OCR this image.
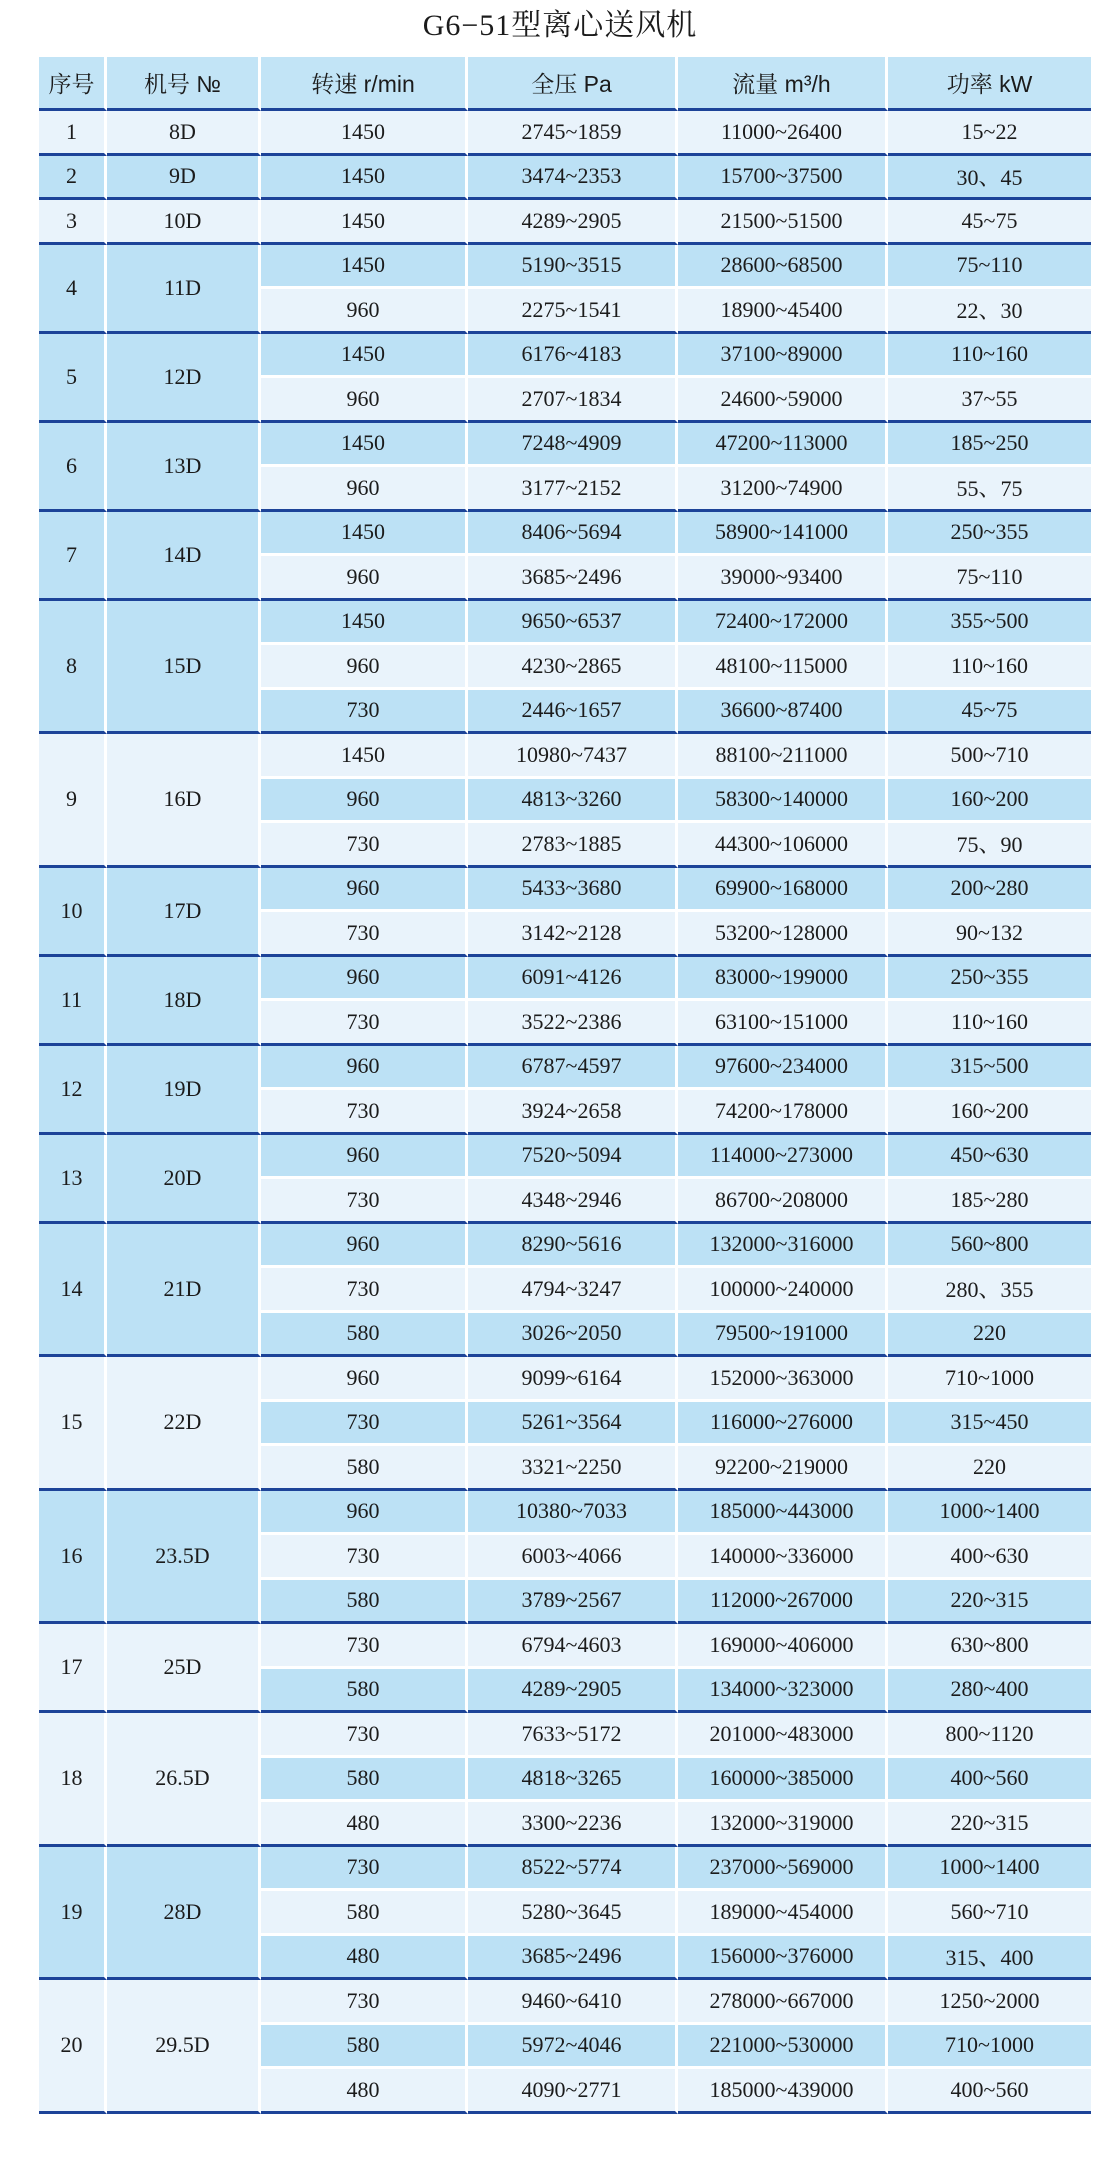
G6−51型离心送风机
序号	机号 №	转速 r/min	全压 Pa	流量 m³/h	功率 kW
1	8D	1450	2745~1859	11000~26400	15~22
2	9D	1450	3474~2353	15700~37500	30、45
3	10D	1450	4289~2905	21500~51500	45~75
4	11D	1450	5190~3515	28600~68500	75~110
		960	2275~1541	18900~45400	22、30
5	12D	1450	6176~4183	37100~89000	110~160
		960	2707~1834	24600~59000	37~55
6	13D	1450	7248~4909	47200~113000	185~250
		960	3177~2152	31200~74900	55、75
7	14D	1450	8406~5694	58900~141000	250~355
		960	3685~2496	39000~93400	75~110
8	15D	1450	9650~6537	72400~172000	355~500
		960	4230~2865	48100~115000	110~160
		730	2446~1657	36600~87400	45~75
9	16D	1450	10980~7437	88100~211000	500~710
		960	4813~3260	58300~140000	160~200
		730	2783~1885	44300~106000	75、90
10	17D	960	5433~3680	69900~168000	200~280
		730	3142~2128	53200~128000	90~132
11	18D	960	6091~4126	83000~199000	250~355
		730	3522~2386	63100~151000	110~160
12	19D	960	6787~4597	97600~234000	315~500
		730	3924~2658	74200~178000	160~200
13	20D	960	7520~5094	114000~273000	450~630
		730	4348~2946	86700~208000	185~280
14	21D	960	8290~5616	132000~316000	560~800
		730	4794~3247	100000~240000	280、355
		580	3026~2050	79500~191000	220
15	22D	960	9099~6164	152000~363000	710~1000
		730	5261~3564	116000~276000	315~450
		580	3321~2250	92200~219000	220
16	23.5D	960	10380~7033	185000~443000	1000~1400
		730	6003~4066	140000~336000	400~630
		580	3789~2567	112000~267000	220~315
17	25D	730	6794~4603	169000~406000	630~800
		580	4289~2905	134000~323000	280~400
18	26.5D	730	7633~5172	201000~483000	800~1120
		580	4818~3265	160000~385000	400~560
		480	3300~2236	132000~319000	220~315
19	28D	730	8522~5774	237000~569000	1000~1400
		580	5280~3645	189000~454000	560~710
		480	3685~2496	156000~376000	315、400
20	29.5D	730	9460~6410	278000~667000	1250~2000
		580	5972~4046	221000~530000	710~1000
		480	4090~2771	185000~439000	400~560
